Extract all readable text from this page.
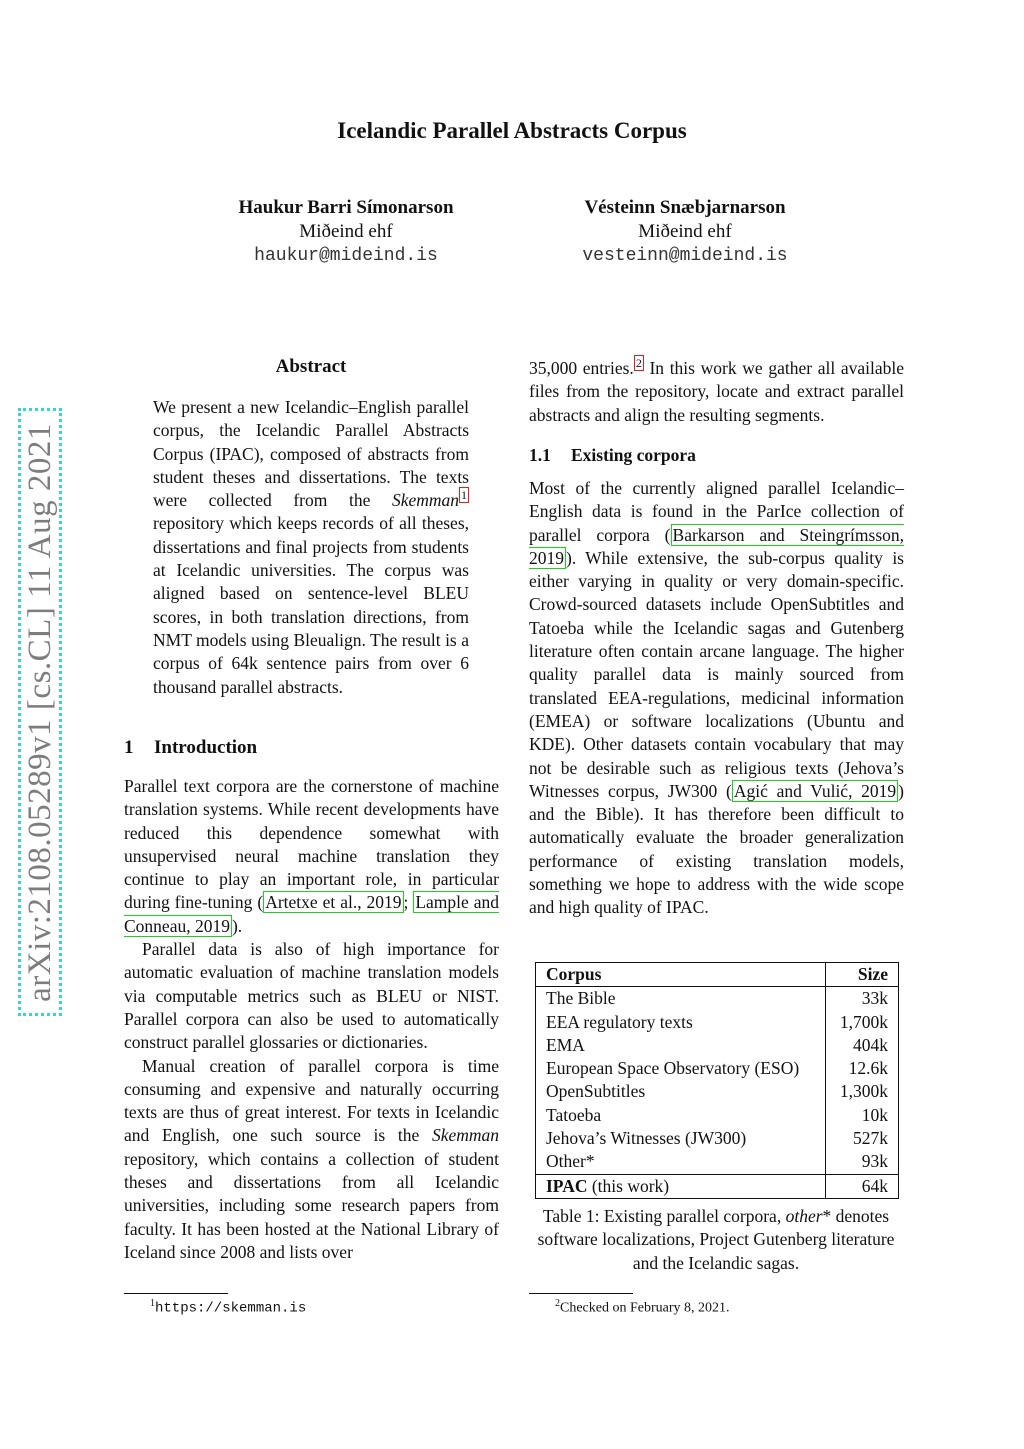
arXiv:2108.05289v1 [cs.CL] 11 Aug 2021
Icelandic Parallel Abstracts Corpus
Haukur Barri Símonarson
Miðeind ehf
haukur@mideind.is
Vésteinn Snæbjarnarson
Miðeind ehf
vesteinn@mideind.is
Abstract

We present a new Icelandic–English parallel corpus, the Icelandic Parallel Abstracts Corpus (IPAC), composed of abstracts from student theses and dissertations. The texts were collected from the Skemman $^1$ repository which keeps records of all theses, dissertations and final projects from students at Icelandic universities. The corpus was aligned based on sentence-level BLEU scores, in both translation directions, from NMT models using Bleualign. The result is a corpus of 64k sentence pairs from over 6 thousand parallel abstracts.

1 Introduction

Parallel text corpora are the cornerstone of machine translation systems. While recent developments have reduced this dependence somewhat with unsupervised neural machine translation they continue to play an important role, in particular during fine-tuning ( Artetxe et al., 2019 ; Lample and Conneau, 2019 ).

Parallel data is also of high importance for automatic evaluation of machine translation models via computable metrics such as BLEU or NIST. Parallel corpora can also be used to automatically construct parallel glossaries or dictionaries.

Manual creation of parallel corpora is time consuming and expensive and naturally occurring texts are thus of great interest. For texts in Icelandic and English, one such source is the Skemman repository, which contains a collection of student theses and dissertations from all Icelandic universities, including some research papers from faculty. It has been hosted at the National Library of Iceland since 2008 and lists over

35,000 entries. $^2$ In this work we gather all available files from the repository, locate and extract parallel abstracts and align the resulting segments.

1.1 Existing corpora

Most of the currently aligned parallel Icelandic–English data is found in the ParIce collection of parallel corpora ( Barkarson and Steingrímsson, 2019 ). While extensive, the sub-corpus quality is either varying in quality or very domain-specific. Crowd-sourced datasets include OpenSubtitles and Tatoeba while the Icelandic sagas and Gutenberg literature often contain arcane language. The higher quality parallel data is mainly sourced from translated EEA-regulations, medicinal information (EMEA) or software localizations (Ubuntu and KDE). Other datasets contain vocabulary that may not be desirable such as religious texts (Jehova’s Witnesses corpus, JW300 ( Agić and Vulić, 2019 ) and the Bible). It has therefore been difficult to automatically evaluate the broader generalization performance of existing translation models, something we hope to address with the wide scope and high quality of IPAC.

Corpus	Size
The Bible	33k
EEA regulatory texts	1,700k
EMA	404k
European Space Observatory (ESO)	12.6k
OpenSubtitles	1,300k
Tatoeba	10k
Jehova’s Witnesses (JW300)	527k
Other*	93k
IPAC (this work)	64k
Table 1: Existing parallel corpora, other* denotes software localizations, Project Gutenberg literature and the Icelandic sagas.
$^1$https://skemman.is	$^2$Checked on February 8, 2021.
